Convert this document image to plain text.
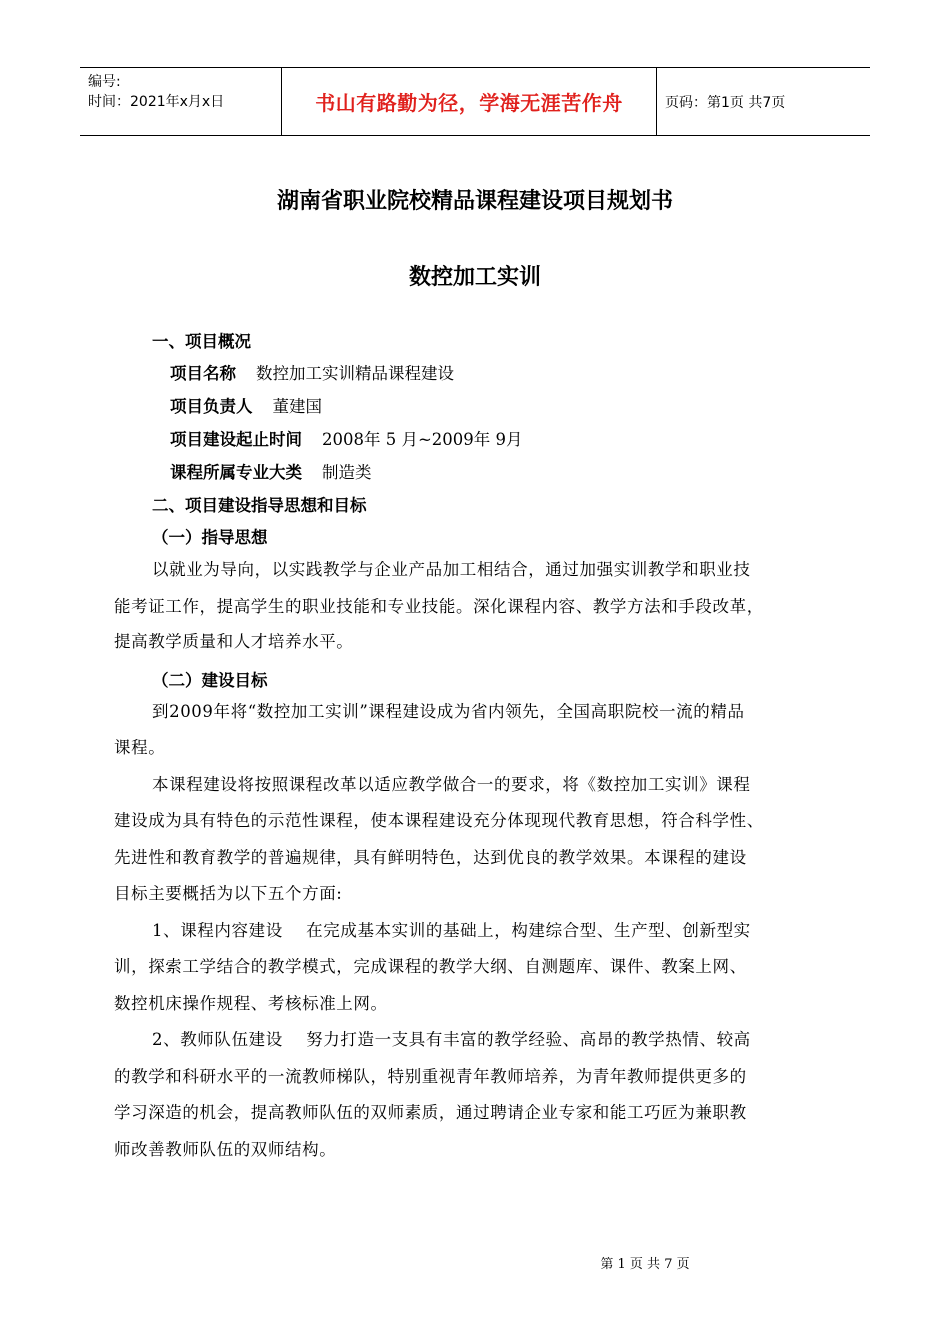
编号:
时间：2021年x月x日	书山有路勤为径，学海无涯苦作舟	页码：第1页 共7页
湖南省职业院校精品课程建设项目规划书
数控加工实训
一、项目概况
项目名称 数控加工实训精品课程建设
项目负责人 董建国
项目建设起止时间 2008年 5 月~2009年 9月
课程所属专业大类 制造类
二、项目建设指导思想和目标
（一）指导思想
以就业为导向，以实践教学与企业产品加工相结合，通过加强实训教学和职业技
能考证工作，提高学生的职业技能和专业技能。深化课程内容、教学方法和手段改革，
提高教学质量和人才培养水平。
（二）建设目标
到2009年将“数控加工实训”课程建设成为省内领先，全国高职院校一流的精品
课程。
本课程建设将按照课程改革以适应教学做合一的要求，将《数控加工实训》课程
建设成为具有特色的示范性课程，使本课程建设充分体现现代教育思想，符合科学性、
先进性和教育教学的普遍规律，具有鲜明特色，达到优良的教学效果。本课程的建设
目标主要概括为以下五个方面:
1、课程内容建设    在完成基本实训的基础上，构建综合型、生产型、创新型实
训，探索工学结合的教学模式，完成课程的教学大纲、自测题库、课件、教案上网、
数控机床操作规程、考核标准上网。
2、教师队伍建设    努力打造一支具有丰富的教学经验、高昂的教学热情、较高
的教学和科研水平的一流教师梯队，特别重视青年教师培养，为青年教师提供更多的
学习深造的机会，提高教师队伍的双师素质，通过聘请企业专家和能工巧匠为兼职教
师改善教师队伍的双师结构。
第 1 页 共 7 页
